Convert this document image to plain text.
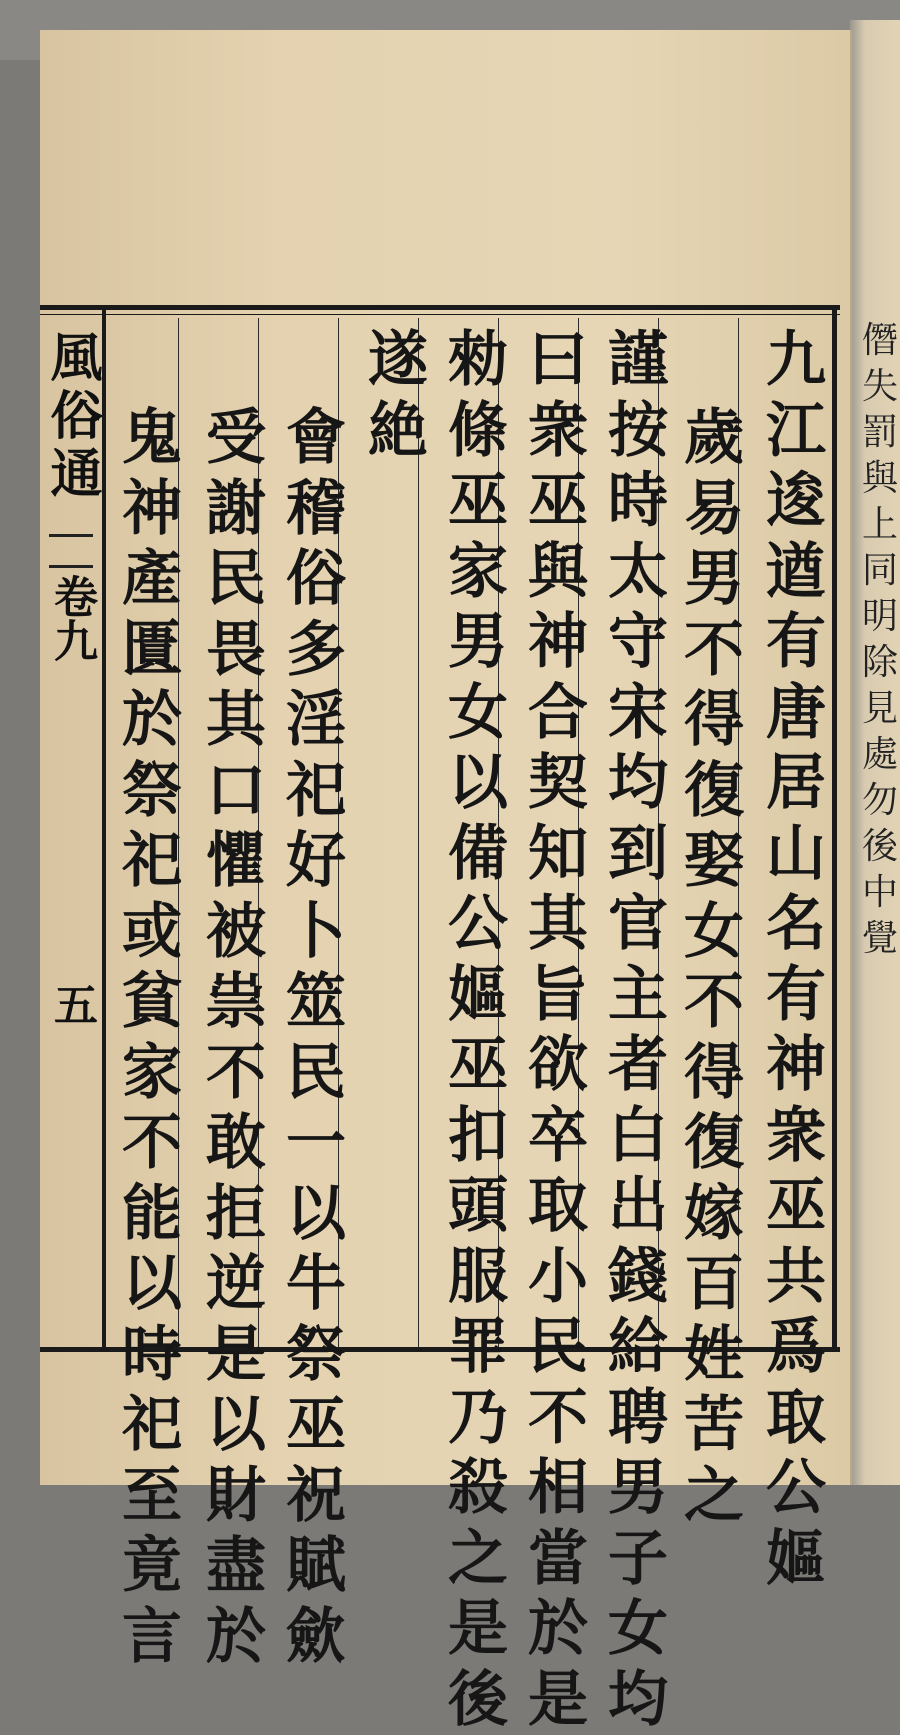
風俗通
卷九
五
九
江
逡
遒
有
唐
居
山
名
有
神
衆
巫
共
爲
取
公
嫗
歲
易
男
不
得
復
娶
女
不
得
復
嫁
百
姓
苦
之
謹
按
時
太
守
宋
均
到
官
主
者
白
出
錢
給
聘
男
子
女
均
曰
衆
巫
與
神
合
契
知
其
旨
欲
卒
取
小
民
不
相
當
於
是
勑
條
巫
家
男
女
以
備
公
嫗
巫
扣
頭
服
罪
乃
殺
之
是
後
遂
絶
會
稽
俗
多
淫
祀
好
卜
筮
民
一
以
牛
祭
巫
祝
賦
歛
受
謝
民
畏
其
口
懼
被
祟
不
敢
拒
逆
是
以
財
盡
於
鬼
神
產
匱
於
祭
祀
或
貧
家
不
能
以
時
祀
至
竟
言
僭
失
罰
與
上
同
明
除
見
處
勿
後
中
覺
